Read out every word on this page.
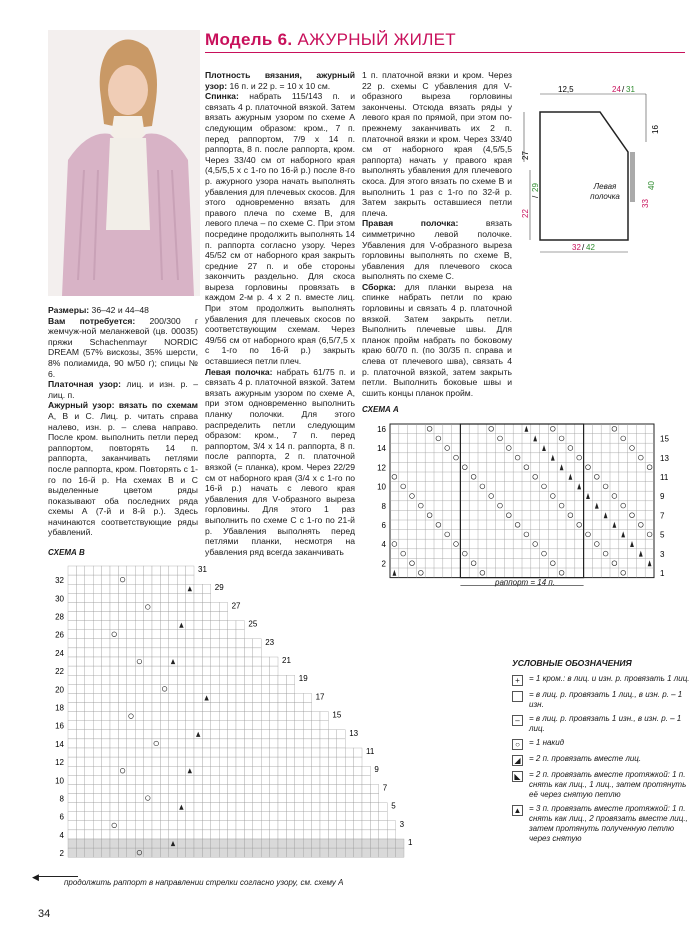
Модель 6. АЖУРНЫЙ ЖИЛЕТ

Размеры: 36–42 и 44–48

Вам потребуется: 200/300 г жемчуж-ной меланжевой (цв. 00035) пряжи Schachenmayr NORDIC DREAM (57% вискозы, 35% шерсти, 8% полиамида, 90 м/50 г); спицы № 6.

Платочная узор: лиц. и изн. р. – лиц. п.

Ажурный узор: вязать по схемам А, В и С. Лиц. р. читать справа налево, изн. р. – слева направо. После кром. выполнить петли перед раппортом, повторять 14 п. раппорта, заканчивать петлями после раппорта, кром. Повторять с 1-го по 16-й р. На схемах В и С выделенные цветом ряды показывают оба последних ряда схемы А (7-й и 8-й р.). Здесь начинаются соответствующие ряды убавлений.

Плотность вязания, ажурный узор: 16 п. и 22 р. = 10 х 10 см.

Спинка: набрать 115/143 п. и связать 4 р. платочной вязкой. Затем вязать ажурным узором по схеме А следующим образом: кром., 7 п. перед раппортом, 7/9 х 14 п. раппорта, 8 п. после раппорта, кром. Через 33/40 см от наборного края (4,5/5,5 х с 1-го по 16-й р.) после 8-го р. ажурного узора начать выполнять убавления для плечевых скосов. Для этого одновременно вязать для правого плеча по схеме В, для левого плеча – по схеме С. При этом посредине продолжить выполнять 14 п. раппорта согласно узору. Через 45/52 см от наборного края закрыть средние 27 п. и обе стороны закончить раздельно. Для скоса выреза горловины провязать в каждом 2-м р. 4 х 2 п. вместе лиц. При этом продолжить выполнять убавления для плечевых скосов по соответствующим схемам. Через 49/56 см от наборного края (6,5/7,5 х с 1-го по 16-й р.) закрыть оставшиеся петли плеч.

Левая полочка: набрать 61/75 п. и связать 4 р. платочной вязкой. Затем вязать ажурным узором по схеме А, при этом одновременно выполнить планку полочки. Для этого распределить петли следующим образом: кром., 7 п. перед раппортом, 3/4 х 14 п. раппорта, 8 п. после раппорта, 2 п. платочной вязкой (= планка), кром. Через 22/29 см от наборного края (3/4 х с 1-го по 16-й р.) начать с левого края убавления для V-образного выреза горловины. Для этого 1 раз выполнить по схеме С с 1-го по 21-й р. Убавления выполнять перед петлями планки, несмотря на убавления ряд всегда заканчивать

1 п. платочной вязки и кром. Через 22 р. схемы С убавления для V-образного выреза горловины закончены. Отсюда вязать ряды у левого края по прямой, при этом по-прежнему заканчивать их 2 п. платочной вязки и кром. Через 33/40 см от наборного края (4,5/5,5 раппорта) начать у правого края выполнять убавления для плечевого скоса. Для этого вязать по схеме В и выполнить 1 раз с 1-го по 32-й р. Затем закрыть оставшиеся петли плеча.

Правая полочка:	вязать симметрично левой полочке. Убавления для V-образного выреза горловины выполнять по схеме В, убавления для плечевого скоса выполнять по схеме С.

Сборка: для планки выреза на спинке набрать петли по краю горловины и связать 4 р. платочной вязкой. Затем закрыть петли. Выполнить плечевые швы. Для планок пройм набрать по боковому краю 60/70 п. (по 30/35 п. справа и слева от плечевого шва), связать 4 р. платочной вязкой, затем закрыть петли. Выполнить боковые швы и сшить концы планок пройм.

12,5	24 / 31
16
27
22
/
29
33
40
32 / 42
Левая полочка
СХЕМА А
16
14
12
10
8
6
4
2
15
13
11
9
7
5
3
1
раппорт = 14 п.
СХЕМА В
31
32
29
30
27
28
25
26
23
24
21
22
19
20
17
18
15
16
13
14
11
12
9
10
7
8
5
6
3
4
1
2
◀
продолжить раппорт в направлении стрелки согласно узору, см. схему А
УСЛОВНЫЕ ОБОЗНАЧЕНИЯ
+	= 1 кром.: в лиц. и изн. р. провязать 1 лиц.
= в лиц. р. провязать 1 лиц., в изн. р. – 1 изн.
–	= в лиц. р. провязать 1 изн., в изн. р. – 1 лиц.
○	= 1 накид
◢	= 2 п. провязать вместе лиц.
◣	= 2 п. провязать вместе протяжкой: 1 п. снять как лиц., 1 лиц., затем протянуть её через снятую петлю
▲ = 3 п. провязать вместе протяжкой: 1 п. снять как лиц., 2 провязать вместе лиц., затем протянуть полученную петлю через снятую
34
